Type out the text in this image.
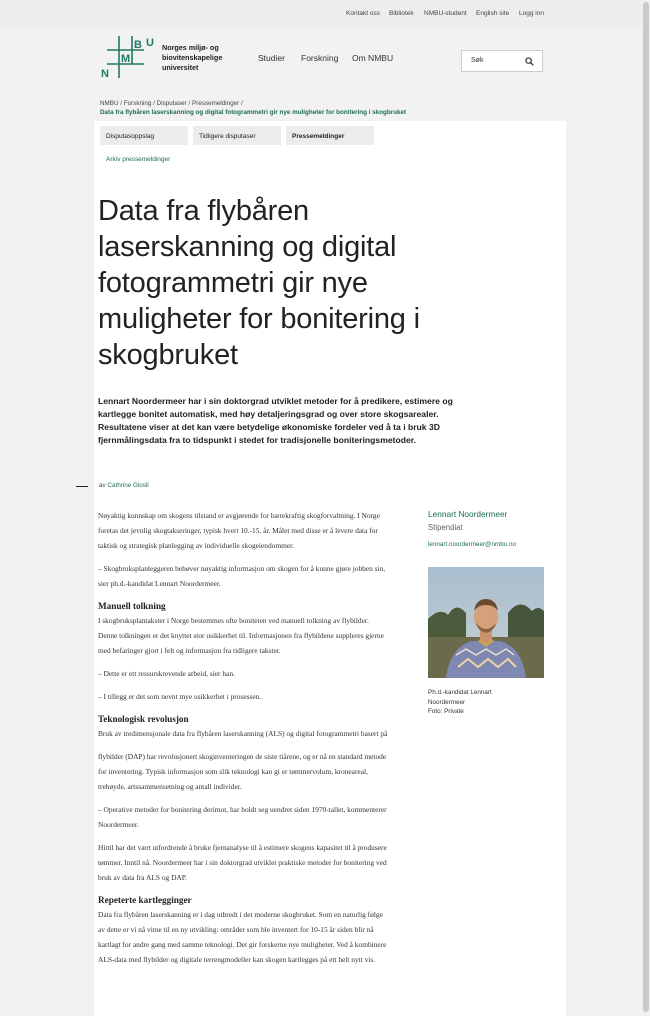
Kontakt oss Bibliotek NMBU-student English site Logg inn
N
M
B U Norges miljø- og
biovitenskapelige
universitet
Studier Forskning Om NMBU	Søk
NMBU / Forskning / Disputaser / Pressemeldinger /
Data fra flybåren laserskanning og digital fotogrammetri gir nye muligheter for bonitering i skogbruket
Disputasoppslag	Tidligere disputaser	Pressemeldinger
Arkiv pressemeldinger
Data fra flybåren
laserskanning og digital
fotogrammetri gir nye
muligheter for bonitering i
skogbruket
Lennart Noordermeer har i sin doktorgrad utviklet metoder for å predikere, estimere og kartlegge bonitet automatisk, med høy detaljeringsgrad og over store skogsarealer. Resultatene viser at det kan være betydelige økonomiske fordeler ved å ta i bruk 3D fjernmålingsdata fra to tidspunkt i stedet for tradisjonelle boniteringsmetoder.
av Cathrine Glosli

Nøyaktig kunnskap om skogens tilstand er avgjørende for bærekraftig skogforvaltning. I Norge foretas det jevnlig skogtakseringer, typisk hvert 10.-15. år. Målet med disse er å levere data for taktisk og strategisk planlegging av individuelle skogeiendommer.

– Skogbruksplanleggeren behøver nøyaktig informasjon om skogen for å kunne gjøre jobben sin, sier ph.d.-kandidat Lennart Noordermeer.

Manuell tolkning

I skogbruksplantakster i Norge bestemmes ofte boniteten ved manuell tolkning av flybilder. Denne tolkningen er det knyttet stor usikkerhet til. Informasjonen fra flybildene suppleres gjerne med befaringer gjort i felt og informasjon fra tidligere takster.

– Dette er ett ressurskrevende arbeid, sier han.

– I tillegg er det som nevnt mye usikkerhet i prosessen.

Teknologisk revolusjon

Bruk av tredimensjonale data fra flybåren laserskanning (ALS) og digital fotogrammetri basert på

flybilder (DAP) har revolusjonert skoginventeringen de siste tiårene, og er nå en standard metode for inventering. Typisk informasjon som slik teknologi kan gi er tømmervolum, kroneareal, trehøyde, artssammensetning og antall individer.

– Operative metoder for bonitering derimot, har holdt seg uendret siden 1970-tallet, kommenterer Noordermeer.

Hittil har det vært utfordrende å bruke fjernanalyse til å estimere skogens kapasitet til å produsere tømmer. Inntil nå. Noordermeer har i sin doktorgrad utviklet praktiske metoder for bonitering ved bruk av data fra ALS og DAP.

Repeterte kartlegginger

Data fra flybåren laserskanning er i dag utbredt i det moderne skogbruket. Som en naturlig følge av dette er vi nå vitne til en ny utvikling: områder som ble inventert for 10-15 år siden blir nå kartlagt for andre gang med samme teknologi. Det gir forskerne nye muligheter. Ved å kombinere ALS-data med flybilder og digitale terrengmodeller kan skogen kartlegges på ett helt nytt vis.

Lennart Noordermeer
Stipendiat
lennart.noordermeer@nmbu.no
Ph.d.-kandidat Lennart
Noordermeer
Foto: Private
